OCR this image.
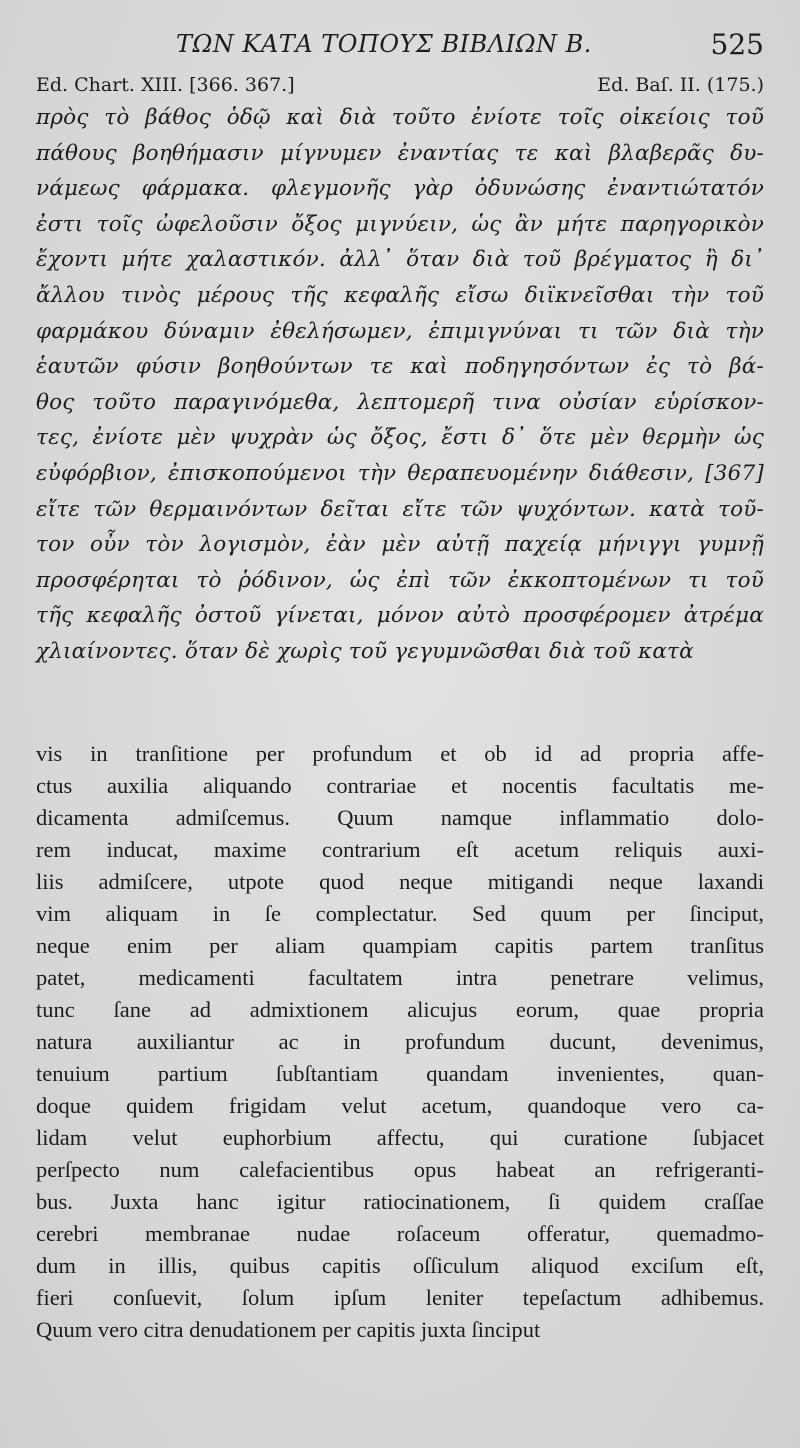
ΤΩΝ ΚΑΤΑ ΤΟΠΟΥΣ ΒΙΒΛΙΩΝ Β.	525
Ed. Chart. XIII. [366. 367.]	Ed. Baſ. II. (175.)
πρὸς τὸ βάθος ὁδῷ καὶ διὰ τοῦτο ἐνίοτε τοῖς οἰκείοις τοῦ
πάθους βοηθήμασιν μίγνυμεν ἐναντίας τε καὶ βλαβερᾶς δυ-
νάμεως φάρμακα. φλεγμονῆς γὰρ ὀδυνώσης ἐναντιώτατόν
ἐστι τοῖς ὠφελοῦσιν ὄξος μιγνύειν, ὡς ἂν μήτε παρηγορικὸν
ἔχοντι μήτε χαλαστικόν. ἀλλ᾽ ὅταν διὰ τοῦ βρέγματος ἢ δι᾽
ἄλλου τινὸς μέρους τῆς κεφαλῆς εἴσω διϊκνεῖσθαι τὴν τοῦ
φαρμάκου δύναμιν ἐθελήσωμεν, ἐπιμιγνύναι τι τῶν διὰ τὴν
ἑαυτῶν φύσιν βοηθούντων τε καὶ ποδηγησόντων ἐς τὸ βά-
θος τοῦτο παραγινόμεθα, λεπτομερῆ τινα οὐσίαν εὑρίσκον-
τες, ἐνίοτε μὲν ψυχρὰν ὡς ὄξος, ἔστι δ᾽ ὅτε μὲν θερμὴν ὡς
εὐφόρβιον, ἐπισκοπούμενοι τὴν θεραπευομένην διάθεσιν, [367]
εἴτε τῶν θερμαινόντων δεῖται εἴτε τῶν ψυχόντων. κατὰ τοῦ-
τον οὖν τὸν λογισμὸν, ἐὰν μὲν αὐτῇ παχείᾳ μήνιγγι γυμνῇ
προσφέρηται τὸ ῥόδινον, ὡς ἐπὶ τῶν ἐκκοπτομένων τι τοῦ
τῆς κεφαλῆς ὀστοῦ γίνεται, μόνον αὐτὸ προσφέρομεν ἀτρέμα
χλιαίνοντες. ὅταν δὲ χωρὶς τοῦ γεγυμνῶσθαι διὰ τοῦ κατὰ
vis in tranſitione per profundum et ob id ad propria affe-
ctus auxilia aliquando contrariae et nocentis facultatis me-
dicamenta admiſcemus. Quum namque inflammatio dolo-
rem inducat, maxime contrarium eſt acetum reliquis auxi-
liis admiſcere, utpote quod neque mitigandi neque laxandi
vim aliquam in ſe complectatur. Sed quum per ſinciput,
neque enim per aliam quampiam capitis partem tranſitus
patet, medicamenti facultatem intra penetrare velimus,
tunc ſane ad admixtionem alicujus eorum, quae propria
natura auxiliantur ac in profundum ducunt, devenimus,
tenuium partium ſubſtantiam quandam invenientes, quan-
doque quidem frigidam velut acetum, quandoque vero ca-
lidam velut euphorbium affectu, qui curatione ſubjacet
perſpecto num calefacientibus opus habeat an refrigeranti-
bus. Juxta hanc igitur ratiocinationem, ſi quidem craſſae
cerebri membranae nudae roſaceum offeratur, quemadmo-
dum in illis, quibus capitis oſſiculum aliquod exciſum eſt,
fieri conſuevit, ſolum ipſum leniter tepeſactum adhibemus.
Quum vero citra denudationem per capitis juxta ſinciput
